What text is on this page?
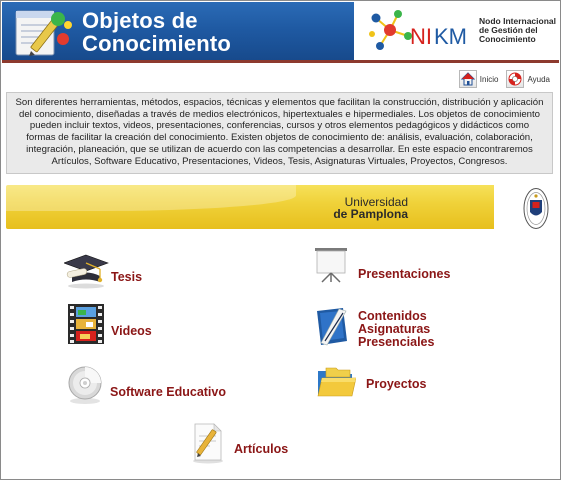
Objetos de
Conocimiento	NI KM
Nodo Internacional
de Gestión del
Conocimiento
Inicio	Ayuda
Son diferentes herramientas, métodos, espacios, técnicas y elementos que facilitan la construcción, distribución y aplicación del conocimiento, diseñadas a través de medios electrónicos, hipertextuales e hipermediales. Los objetos de conocimiento pueden incluir textos, videos, presentaciones, conferencias, cursos y otros elementos pedagógicos y didácticos como formas de facilitar la creación del conocimiento. Existen objetos de conocimiento de: análisis, evaluación, colaboración, integración, planeación, que se utilizan de acuerdo con las competencias a desarrollar. En este espacio encontraremos Artículos, Software Educativo, Presentaciones, Videos, Tesis, Asignaturas Virtuales, Proyectos, Congresos.
Universidad
de Pamplona
Tesis	Presentaciones
Videos
Contenidos
Asignaturas
Presenciales
Software Educativo
Proyectos
Artículos
